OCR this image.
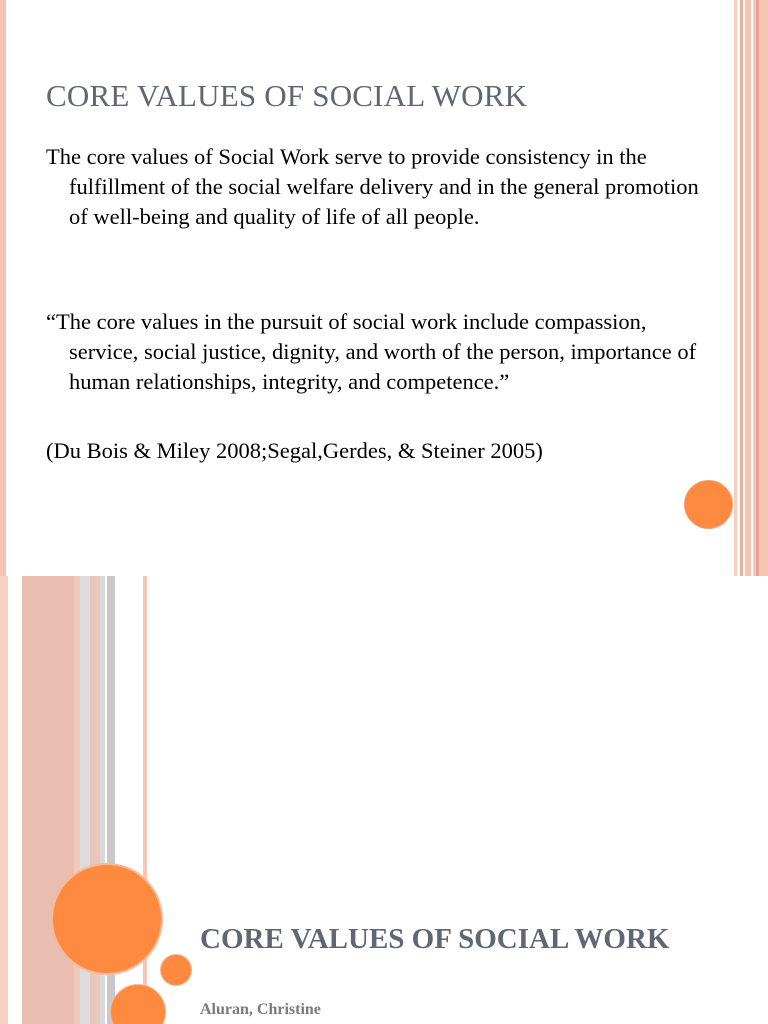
CORE VALUES OF SOCIAL WORK
The core values of Social Work serve to provide consistency in the fulfillment of the social welfare delivery and in the general promotion of well-being and quality of life of all people.
“The core values in the pursuit of social work include compassion, service, social justice, dignity, and worth of the person, importance of human relationships, integrity, and competence.”
(Du Bois & Miley 2008;Segal,Gerdes, & Steiner 2005)
CORE VALUES OF SOCIAL WORK
Aluran, Christine
